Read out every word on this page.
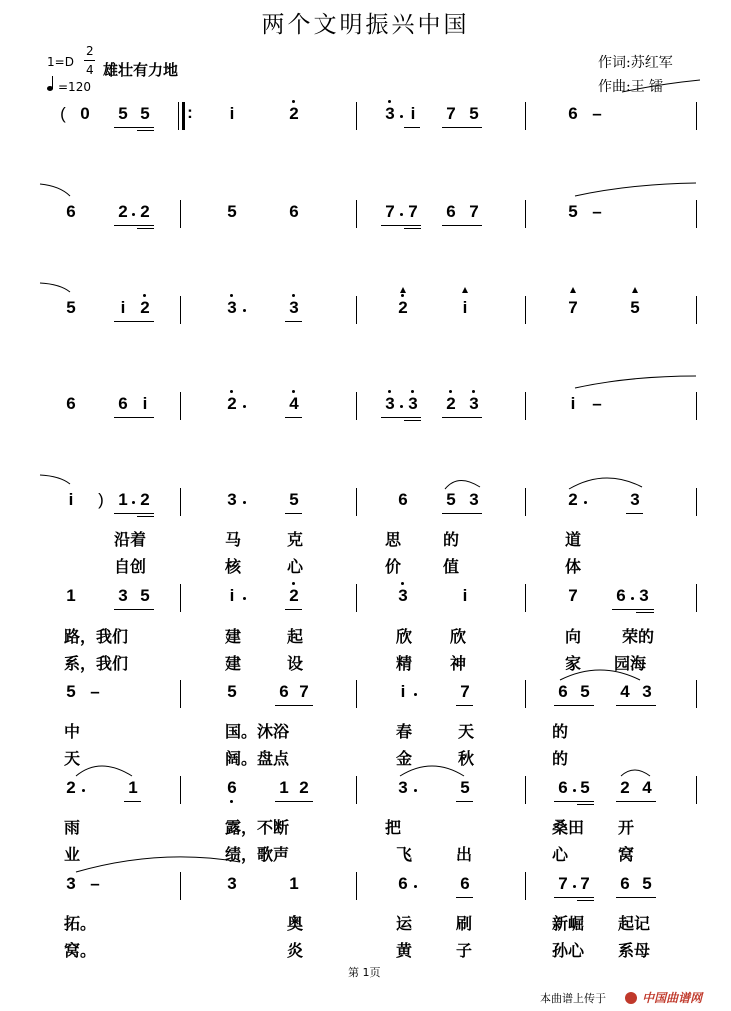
两个文明振兴中国
1=D
2
4
=120
雄壮有力地	作词:苏红军
作曲:王 镭
( 0 5 5 : i	2	3 i 7 5	6 –
6	2 2	5	6	7 7 6 7	5 –
5	i 2	3	3	2	i	7	5
6	6 i	2	4	3 3 2 3	i –
i ) 1 2	3	5	6 5 3	2	3
沿着	马	克	思	的	道
自创	核	心	价	值	体
1	3 5	i	2	3	i	7 6 3
路，我们	建	起	欣 欣	向	荣的
系，我们	建	设	精 神	家 园海
5 –	5	6 7	i	7	6 5 4 3
中	国。沐浴	春	天	的
天	阔。盘点	金	秋	的
2	1	6	1 2	3	5	6 5 2 4
雨	露，不断	把	桑田 开
业	绩，歌声	飞	出	心	窝
3 –	3	1	6	6	7 7 6 5
拓。	奥	运	刷	新崛 起记
窝。	炎	黄	子	孙心 系母
第 1页
本曲谱上传于	中国曲谱网
